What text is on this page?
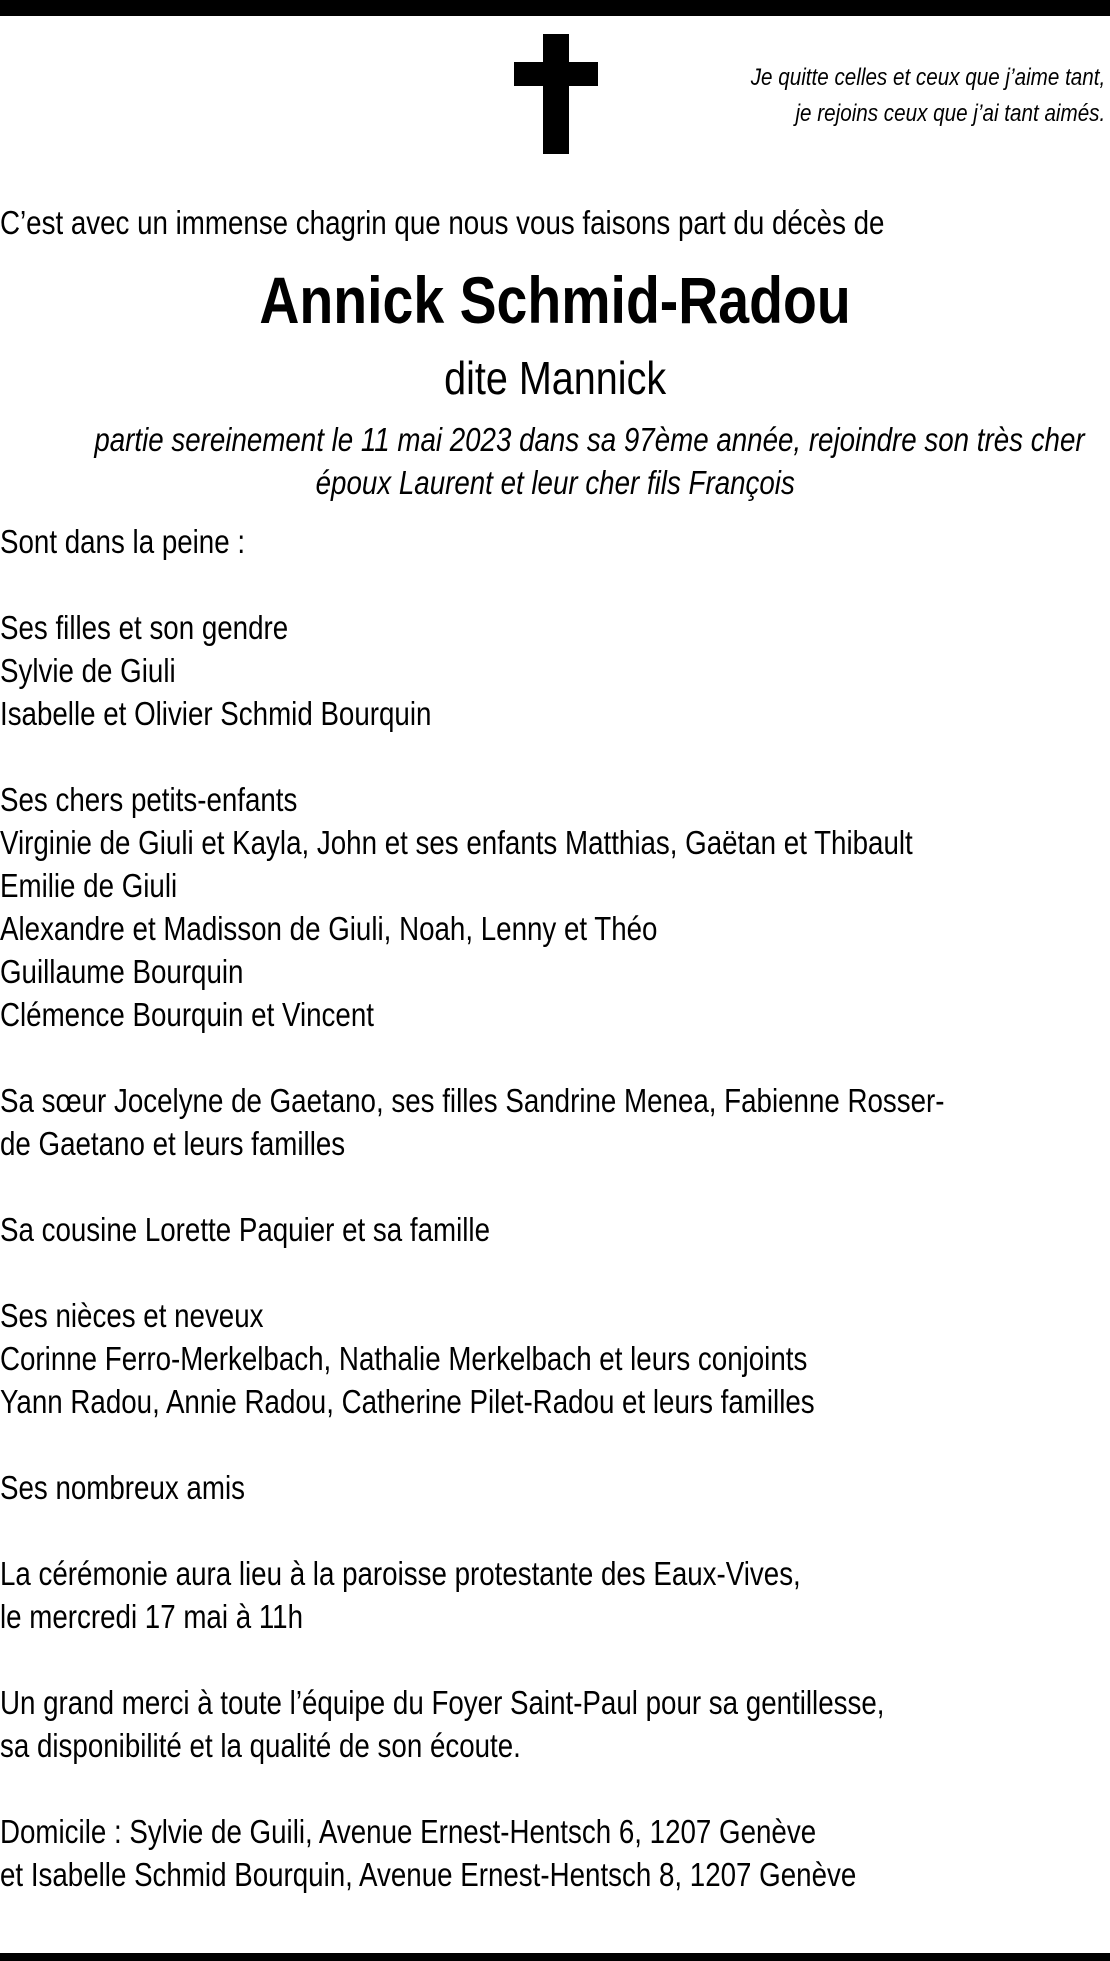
Je quitte celles et ceux que j’aime tant,
je rejoins ceux que j’ai tant aimés.
C’est avec un immense chagrin que nous vous faisons part du décès de
Annick Schmid-Radou
dite Mannick
partie sereinement le 11 mai 2023 dans sa 97ème année, rejoindre son très cher
époux Laurent et leur cher fils François
Sont dans la peine :
Ses filles et son gendre
Sylvie de Giuli
Isabelle et Olivier Schmid Bourquin
Ses chers petits-enfants
Virginie de Giuli et Kayla, John et ses enfants Matthias, Gaëtan et Thibault
Emilie de Giuli
Alexandre et Madisson de Giuli, Noah, Lenny et Théo
Guillaume Bourquin
Clémence Bourquin et Vincent
Sa sœur Jocelyne de Gaetano, ses filles Sandrine Menea, Fabienne Rosser-
de Gaetano et leurs familles
Sa cousine Lorette Paquier et sa famille
Ses nièces et neveux
Corinne Ferro-Merkelbach, Nathalie Merkelbach et leurs conjoints
Yann Radou, Annie Radou, Catherine Pilet-Radou et leurs familles
Ses nombreux amis
La cérémonie aura lieu à la paroisse protestante des Eaux-Vives,
le mercredi 17 mai à 11h
Un grand merci à toute l’équipe du Foyer Saint-Paul pour sa gentillesse,
sa disponibilité et la qualité de son écoute.
Domicile : Sylvie de Guili, Avenue Ernest-Hentsch 6, 1207 Genève
et Isabelle Schmid Bourquin, Avenue Ernest-Hentsch 8, 1207 Genève
